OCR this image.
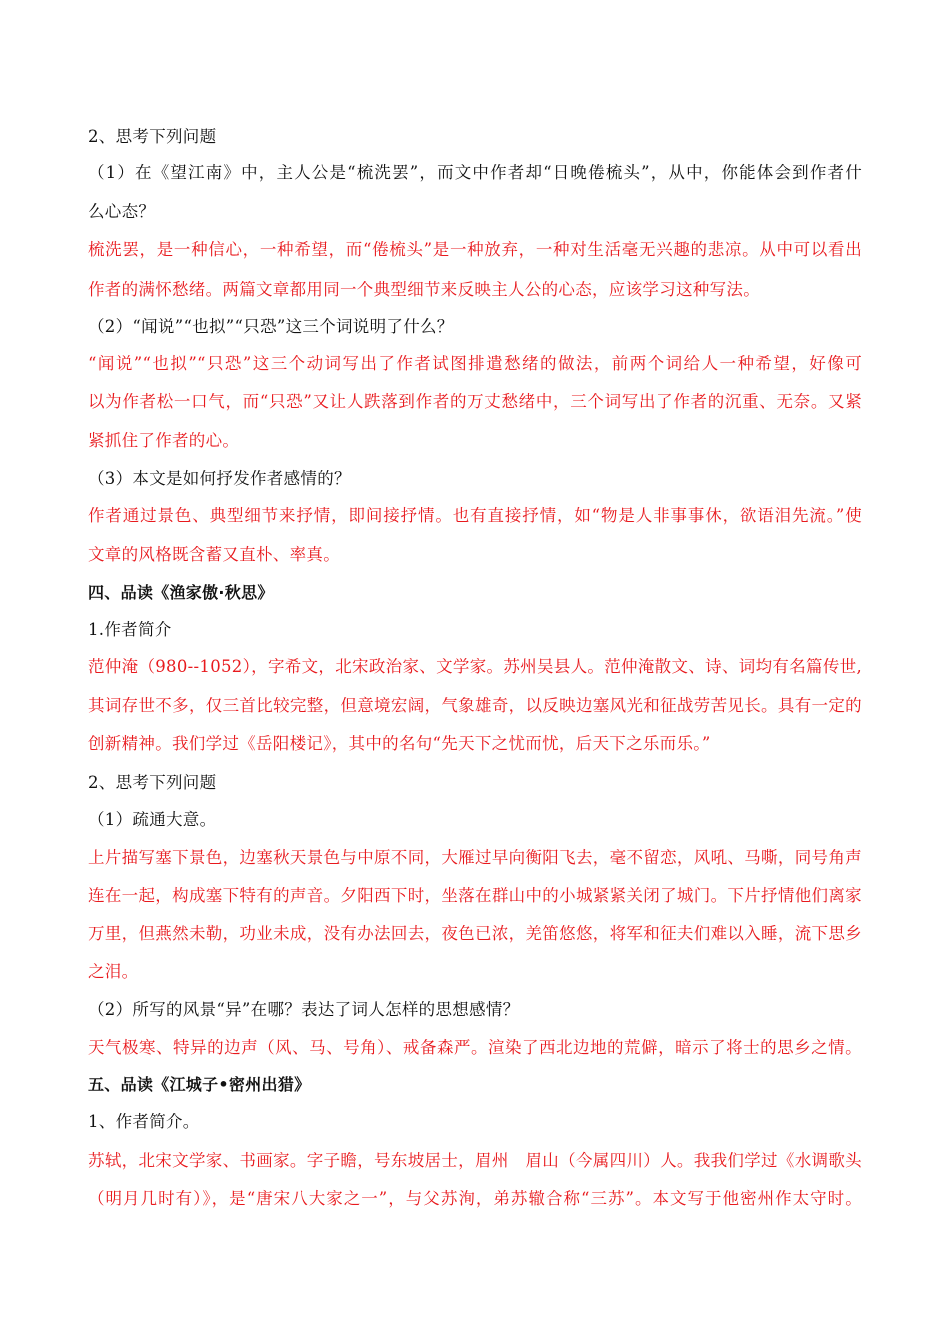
2、思考下列问题
（1）在《望江南》中，主人公是“梳洗罢”，而文中作者却“日晚倦梳头”，从中，你能体会到作者什
么心态？
梳洗罢，是一种信心，一种希望，而“倦梳头”是一种放弃，一种对生活毫无兴趣的悲凉。从中可以看出
作者的满怀愁绪。两篇文章都用同一个典型细节来反映主人公的心态，应该学习这种写法。
（2）“闻说”“也拟”“只恐”这三个词说明了什么？
“闻说”“也拟”“只恐”这三个动词写出了作者试图排遣愁绪的做法，前两个词给人一种希望，好像可
以为作者松一口气，而“只恐”又让人跌落到作者的万丈愁绪中，三个词写出了作者的沉重、无奈。又紧
紧抓住了作者的心。
（3）本文是如何抒发作者感情的？
作者通过景色、典型细节来抒情，即间接抒情。也有直接抒情，如“物是人非事事休，欲语泪先流。”使
文章的风格既含蓄又直朴、率真。
四、品读《渔家傲·秋思》
1.作者简介
范仲淹（980--1052），字希文，北宋政治家、文学家。苏州吴县人。范仲淹散文、诗、词均有名篇传世,
其词存世不多，仅三首比较完整，但意境宏阔，气象雄奇，以反映边塞风光和征战劳苦见长。具有一定的
创新精神。我们学过《岳阳楼记》，其中的名句“先天下之忧而忧，后天下之乐而乐。”
2、思考下列问题
（1）疏通大意。
上片描写塞下景色，边塞秋天景色与中原不同，大雁过早向衡阳飞去，毫不留恋，风吼、马嘶，同号角声
连在一起，构成塞下特有的声音。夕阳西下时，坐落在群山中的小城紧紧关闭了城门。下片抒情他们离家
万里，但燕然未勒，功业未成，没有办法回去，夜色已浓，羌笛悠悠，将军和征夫们难以入睡，流下思乡
之泪。
（2）所写的风景“异”在哪？表达了词人怎样的思想感情？
天气极寒、特异的边声（风、马、号角）、戒备森严。渲染了西北边地的荒僻，暗示了将士的思乡之情。
五、品读《江城子•密州出猎》
1、作者简介。
苏轼，北宋文学家、书画家。字子瞻，号东坡居士，眉州　眉山（今属四川）人。我我们学过《水调歌头
（明月几时有）》，是“唐宋八大家之一”，与父苏洵，弟苏辙合称“三苏”。本文写于他密州作太守时。
